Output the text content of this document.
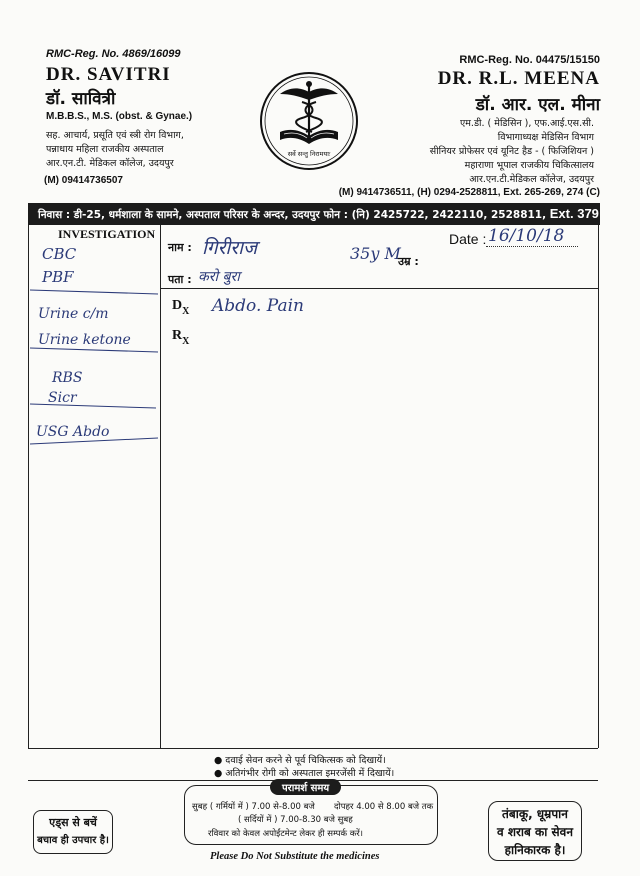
RMC-Reg. No. 4869/16099
DR. SAVITRI
डॉ. सावित्री
M.B.B.S., M.S. (obst. & Gynae.)
सह. आचार्य, प्रसूति एवं स्त्री रोग विभाग,
पन्नाधाय महिला राजकीय अस्पताल
आर.एन.टी. मेडिकल कॉलेज, उदयपुर
(M) 09414736507
सर्वे सन्तु निरामयाः
RMC-Reg. No. 04475/15150
DR. R.L. MEENA
डॉ. आर. एल. मीना
एम.डी. ( मेडिसिन ), एफ.आई.एस.सी.
विभागाध्यक्ष मेडिसिन विभाग
सीनियर प्रोफेसर एवं यूनिट हैड - ( फिजिशियन )
महाराणा भूपाल राजकीय चिकित्सालय
आर.एन.टी.मेडिकल कॉलेज, उदयपुर
(M) 9414736511, (H) 0294-2528811, Ext. 265-269, 274 (C)
निवास : डी-25, धर्मशाला के सामने, अस्पताल परिसर के अन्दर, उदयपुर फोन : (नि) 2425722, 2422110, 2528811, Ext. 379
INVESTIGATION
CBC
PBF
Urine c/m
Urine ketone
RBS
Sicr
USG Abdo
नाम : गिरीराज	35y M
उम्र :
पता : करो बुरा
Date : 16/10/18
$D_X$ Abdo. Pain
$R_X$
● दवाई सेवन करने से पूर्व चिकित्सक को दिखायें।
● अतिगंभीर रोगी को अस्पताल इमरजेंसी में दिखायें।
परामर्श समय
सुबह ( गर्मियों में ) 7.00 से-8.00 बजे दोपहर 4.00 से 8.00 बजे तक
( सर्दियों में ) 7.00-8.30 बजे सुबह
रविवार को केवल अपोईंटमेन्ट लेकर ही सम्पर्क करें।
एड्स से बचें
बचाव ही उपचार है।
तंबाकू, धूम्रपान
व शराब का सेवन
हानिकारक है।
Please Do Not Substitute the medicines
